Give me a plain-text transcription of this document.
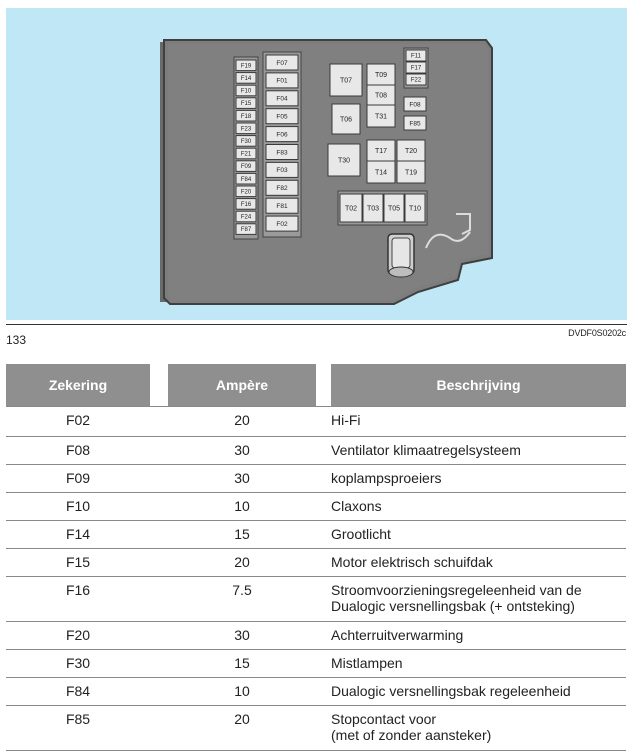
F19
F14
F10
F15
F18
F23
F30
F21
F09
F84
F20
F16
F24
F87
F07
F01
F04
F05
F06
F83
F03
F82
F81
F02
T07
T09
T08
T31
T06
T30
T17	T20
T14	T19
T02 T03 T05 T10
F11
F17
F22
F08
F85
133	DVDF0S0202c
Zekering	Ampère	Beschrijving
F02	20	Hi-Fi
F08	30	Ventilator klimaatregelsysteem
F09	30	koplampsproeiers
F10	10	Claxons
F14	15	Grootlicht
F15	20	Motor elektrisch schuifdak
F16	7.5	Stroomvoorzieningsregeleenheid van de
Dualogic versnellingsbak (+ ontsteking)
F20	30	Achterruitverwarming
F30	15	Mistlampen
F84	10	Dualogic versnellingsbak regeleenheid
F85	20	Stopcontact voor
(met of zonder aansteker)
